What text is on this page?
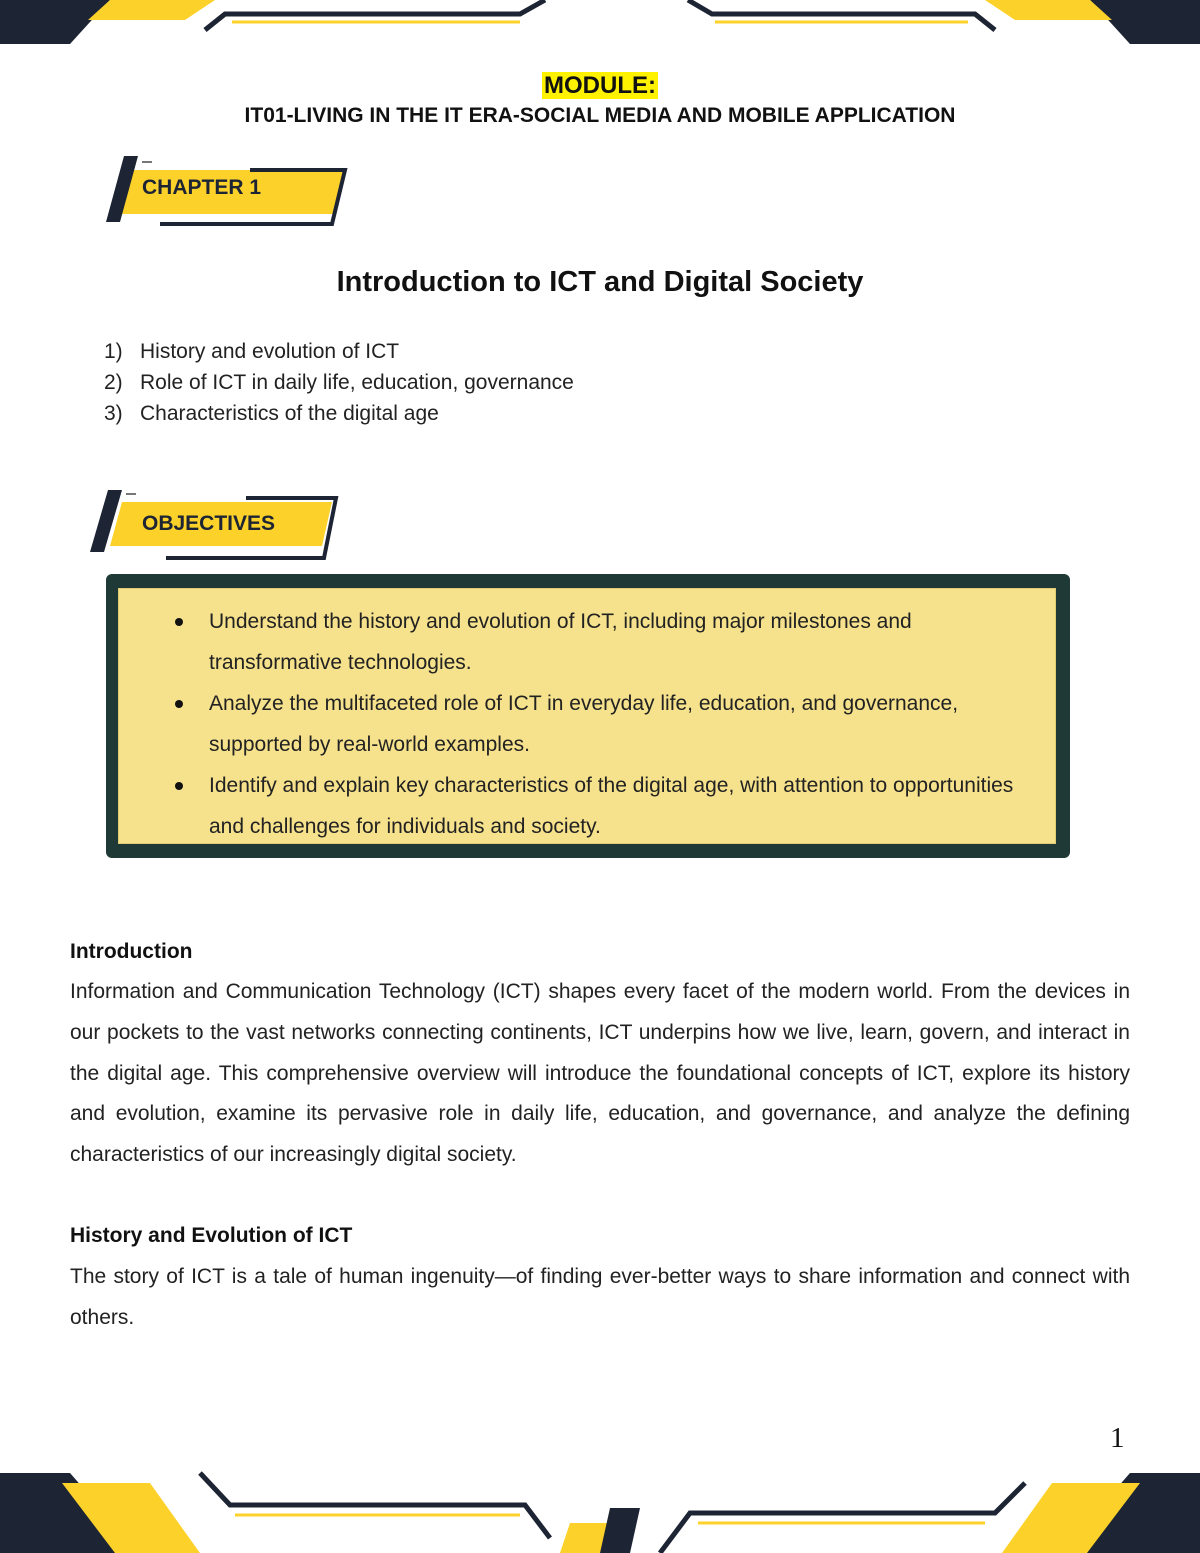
MODULE:
IT01-LIVING IN THE IT ERA-SOCIAL MEDIA AND MOBILE APPLICATION
CHAPTER 1
Introduction to ICT and Digital Society
1) History and evolution of ICT
2) Role of ICT in daily life, education, governance
3) Characteristics of the digital age
OBJECTIVES
Understand the history and evolution of ICT, including major milestones and transformative technologies.
Analyze the multifaceted role of ICT in everyday life, education, and governance, supported by real-world examples.
Identify and explain key characteristics of the digital age, with attention to opportunities and challenges for individuals and society.
Introduction

Information and Communication Technology (ICT) shapes every facet of the modern world. From the devices in our pockets to the vast networks connecting continents, ICT underpins how we live, learn, govern, and interact in the digital age. This comprehensive overview will introduce the foundational concepts of ICT, explore its history and evolution, examine its pervasive role in daily life, education, and governance, and analyze the defining characteristics of our increasingly digital society.

History and Evolution of ICT

The story of ICT is a tale of human ingenuity—of finding ever-better ways to share information and connect with others.

1
